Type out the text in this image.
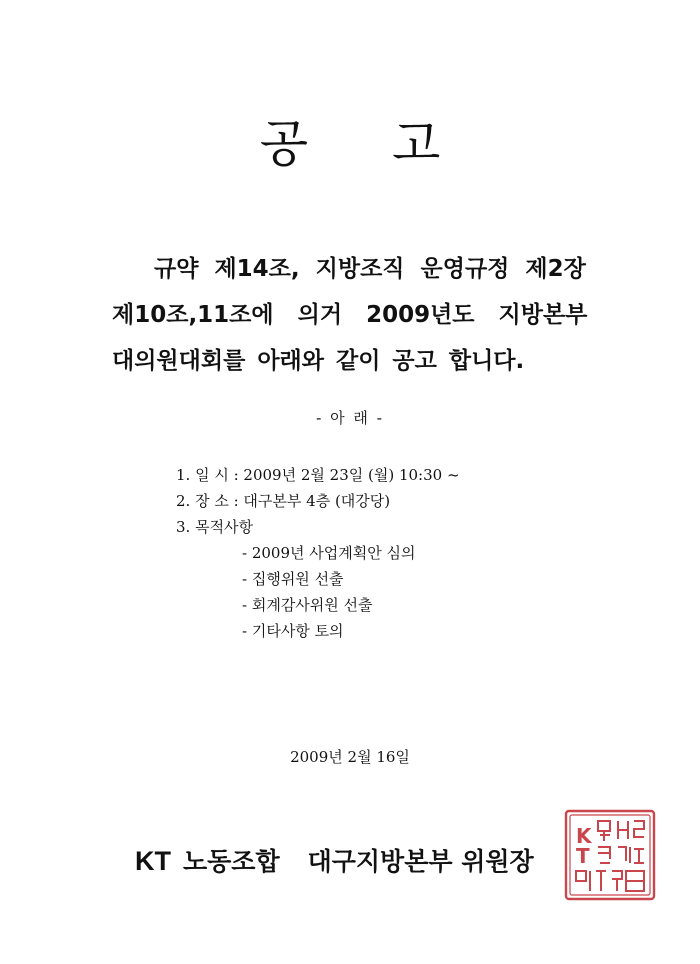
공 고
규약 제14조, 지방조직 운영규정 제2장
제10조,11조에 의거 2009년도 지방본부
대의원대회를 아래와 같이 공고 합니다.
- 아 래 -
1. 일 시 : 2009년 2월 23일 (월) 10:30 ~
2. 장 소 : 대구본부 4층 (대강당)
3. 목적사항
- 2009년 사업계획안 심의
- 집행위원 선출
- 회계감사위원 선출
- 기타사항 토의
2009년 2월 16일
KT 노동조합 대구지방본부 위원장
K
T
